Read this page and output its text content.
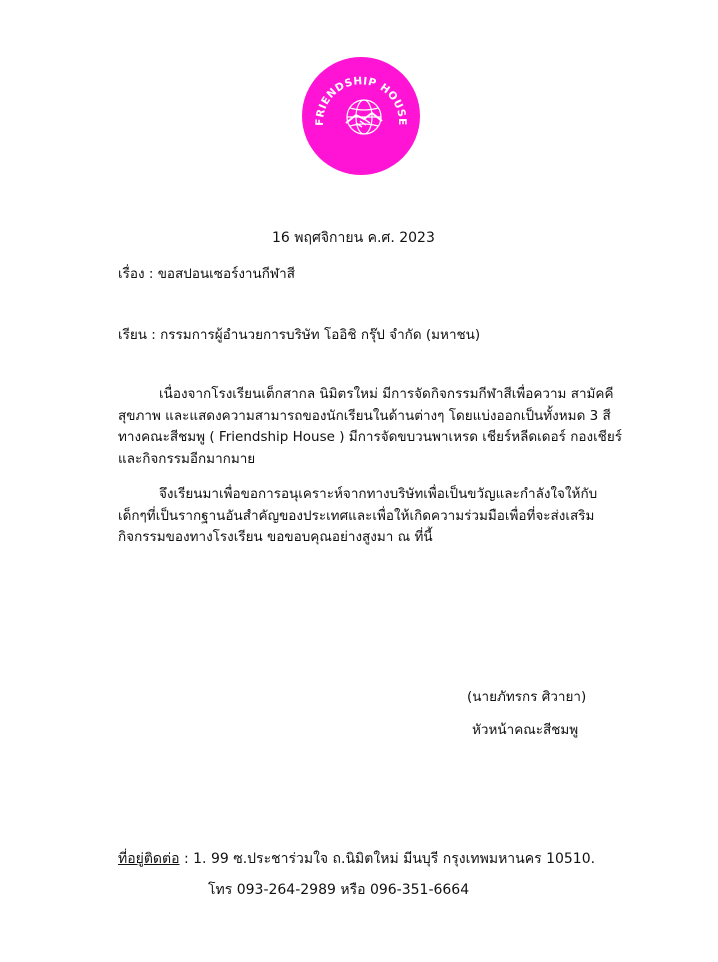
FRIENDSHIP HOUSE
16 พฤศจิกายน ค.ศ. 2023
เรื่อง : ขอสปอนเซอร์งานกีฬาสี
เรียน : กรรมการผู้อำนวยการบริษัท โออิชิ กรุ๊ป จำกัด (มหาชน)
เนื่องจากโรงเรียนเต็กสากล นิมิตรใหม่ มีการจัดกิจกรรมกีฬาสีเพื่อความ สามัคคี
สุขภาพ และแสดงความสามารถของนักเรียนในด้านต่างๆ โดยแบ่งออกเป็นทั้งหมด 3 สี
ทางคณะสีชมพู ( Friendship House ) มีการจัดขบวนพาเหรด เชียร์หลีดเดอร์ กองเชียร์
และกิจกรรมอีกมากมาย
จึงเรียนมาเพื่อขอการอนุเคราะห์จากทางบริษัทเพื่อเป็นขวัญและกำลังใจให้กับ
เด็กๆที่เป็นรากฐานอันสำคัญของประเทศและเพื่อให้เกิดความร่วมมือเพื่อที่จะส่งเสริม
กิจกรรมของทางโรงเรียน ขอขอบคุณอย่างสูงมา ณ ที่นี้
(นายภัทรกร ศิวายา)
หัวหน้าคณะสีชมพู
ที่อยู่ติดต่อ : 1. 99 ซ.ประชาร่วมใจ ถ.นิมิตใหม่ มีนบุรี กรุงเทพมหานคร 10510.
โทร 093-264-2989 หรือ 096-351-6664
